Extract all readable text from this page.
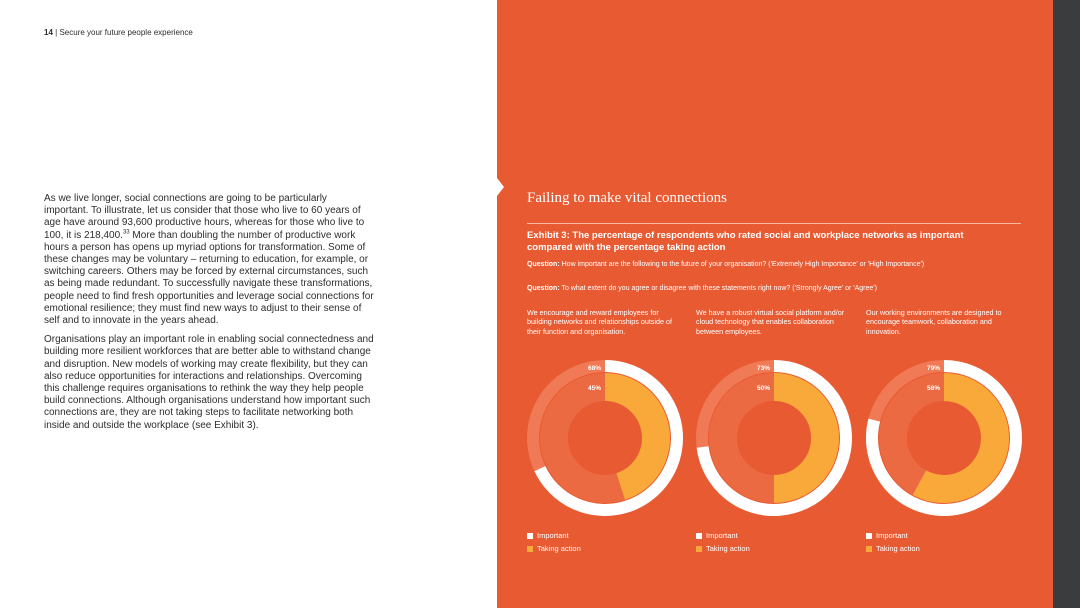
14 | Secure your future people experience

As we live longer, social connections are going to be particularly important. To illustrate, let us consider that those who live to 60 years of age have around 93,600 productive hours, whereas for those who live to 100, it is 218,400.33 More than doubling the number of productive work hours a person has opens up myriad options for transformation. Some of these changes may be voluntary – returning to education, for example, or switching careers. Others may be forced by external circumstances, such as being made redundant. To successfully navigate these transformations, people need to find fresh opportunities and leverage social connections for emotional resilience; they must find new ways to adjust to their sense of self and to innovate in the years ahead.

Organisations play an important role in enabling social connectedness and building more resilient workforces that are better able to withstand change and disruption. New models of working may create flexibility, but they can also reduce opportunities for interactions and relationships. Overcoming this challenge requires organisations to rethink the way they help people build connections. Although organisations understand how important such connections are, they are not taking steps to facilitate networking both inside and outside the workplace (see Exhibit 3).

Failing to make vital connections
Exhibit 3: The percentage of respondents who rated social and workplace networks as important compared with the percentage taking action
Question: How important are the following to the future of your organisation? ('Extremely High Importance' or 'High Importance')
Question: To what extent do you agree or disagree with these statements right now? ('Strongly Agree' or 'Agree')
We encourage and reward employees for building networks and relationships outside of their function and organisation.
68%
45%
Important
Taking action
We have a robust virtual social platform and/or cloud technology that enables collaboration between employees.
73%
50%
Important
Taking action
Our working environments are designed to encourage teamwork, collaboration and innovation.
79%
58%
Important
Taking action
